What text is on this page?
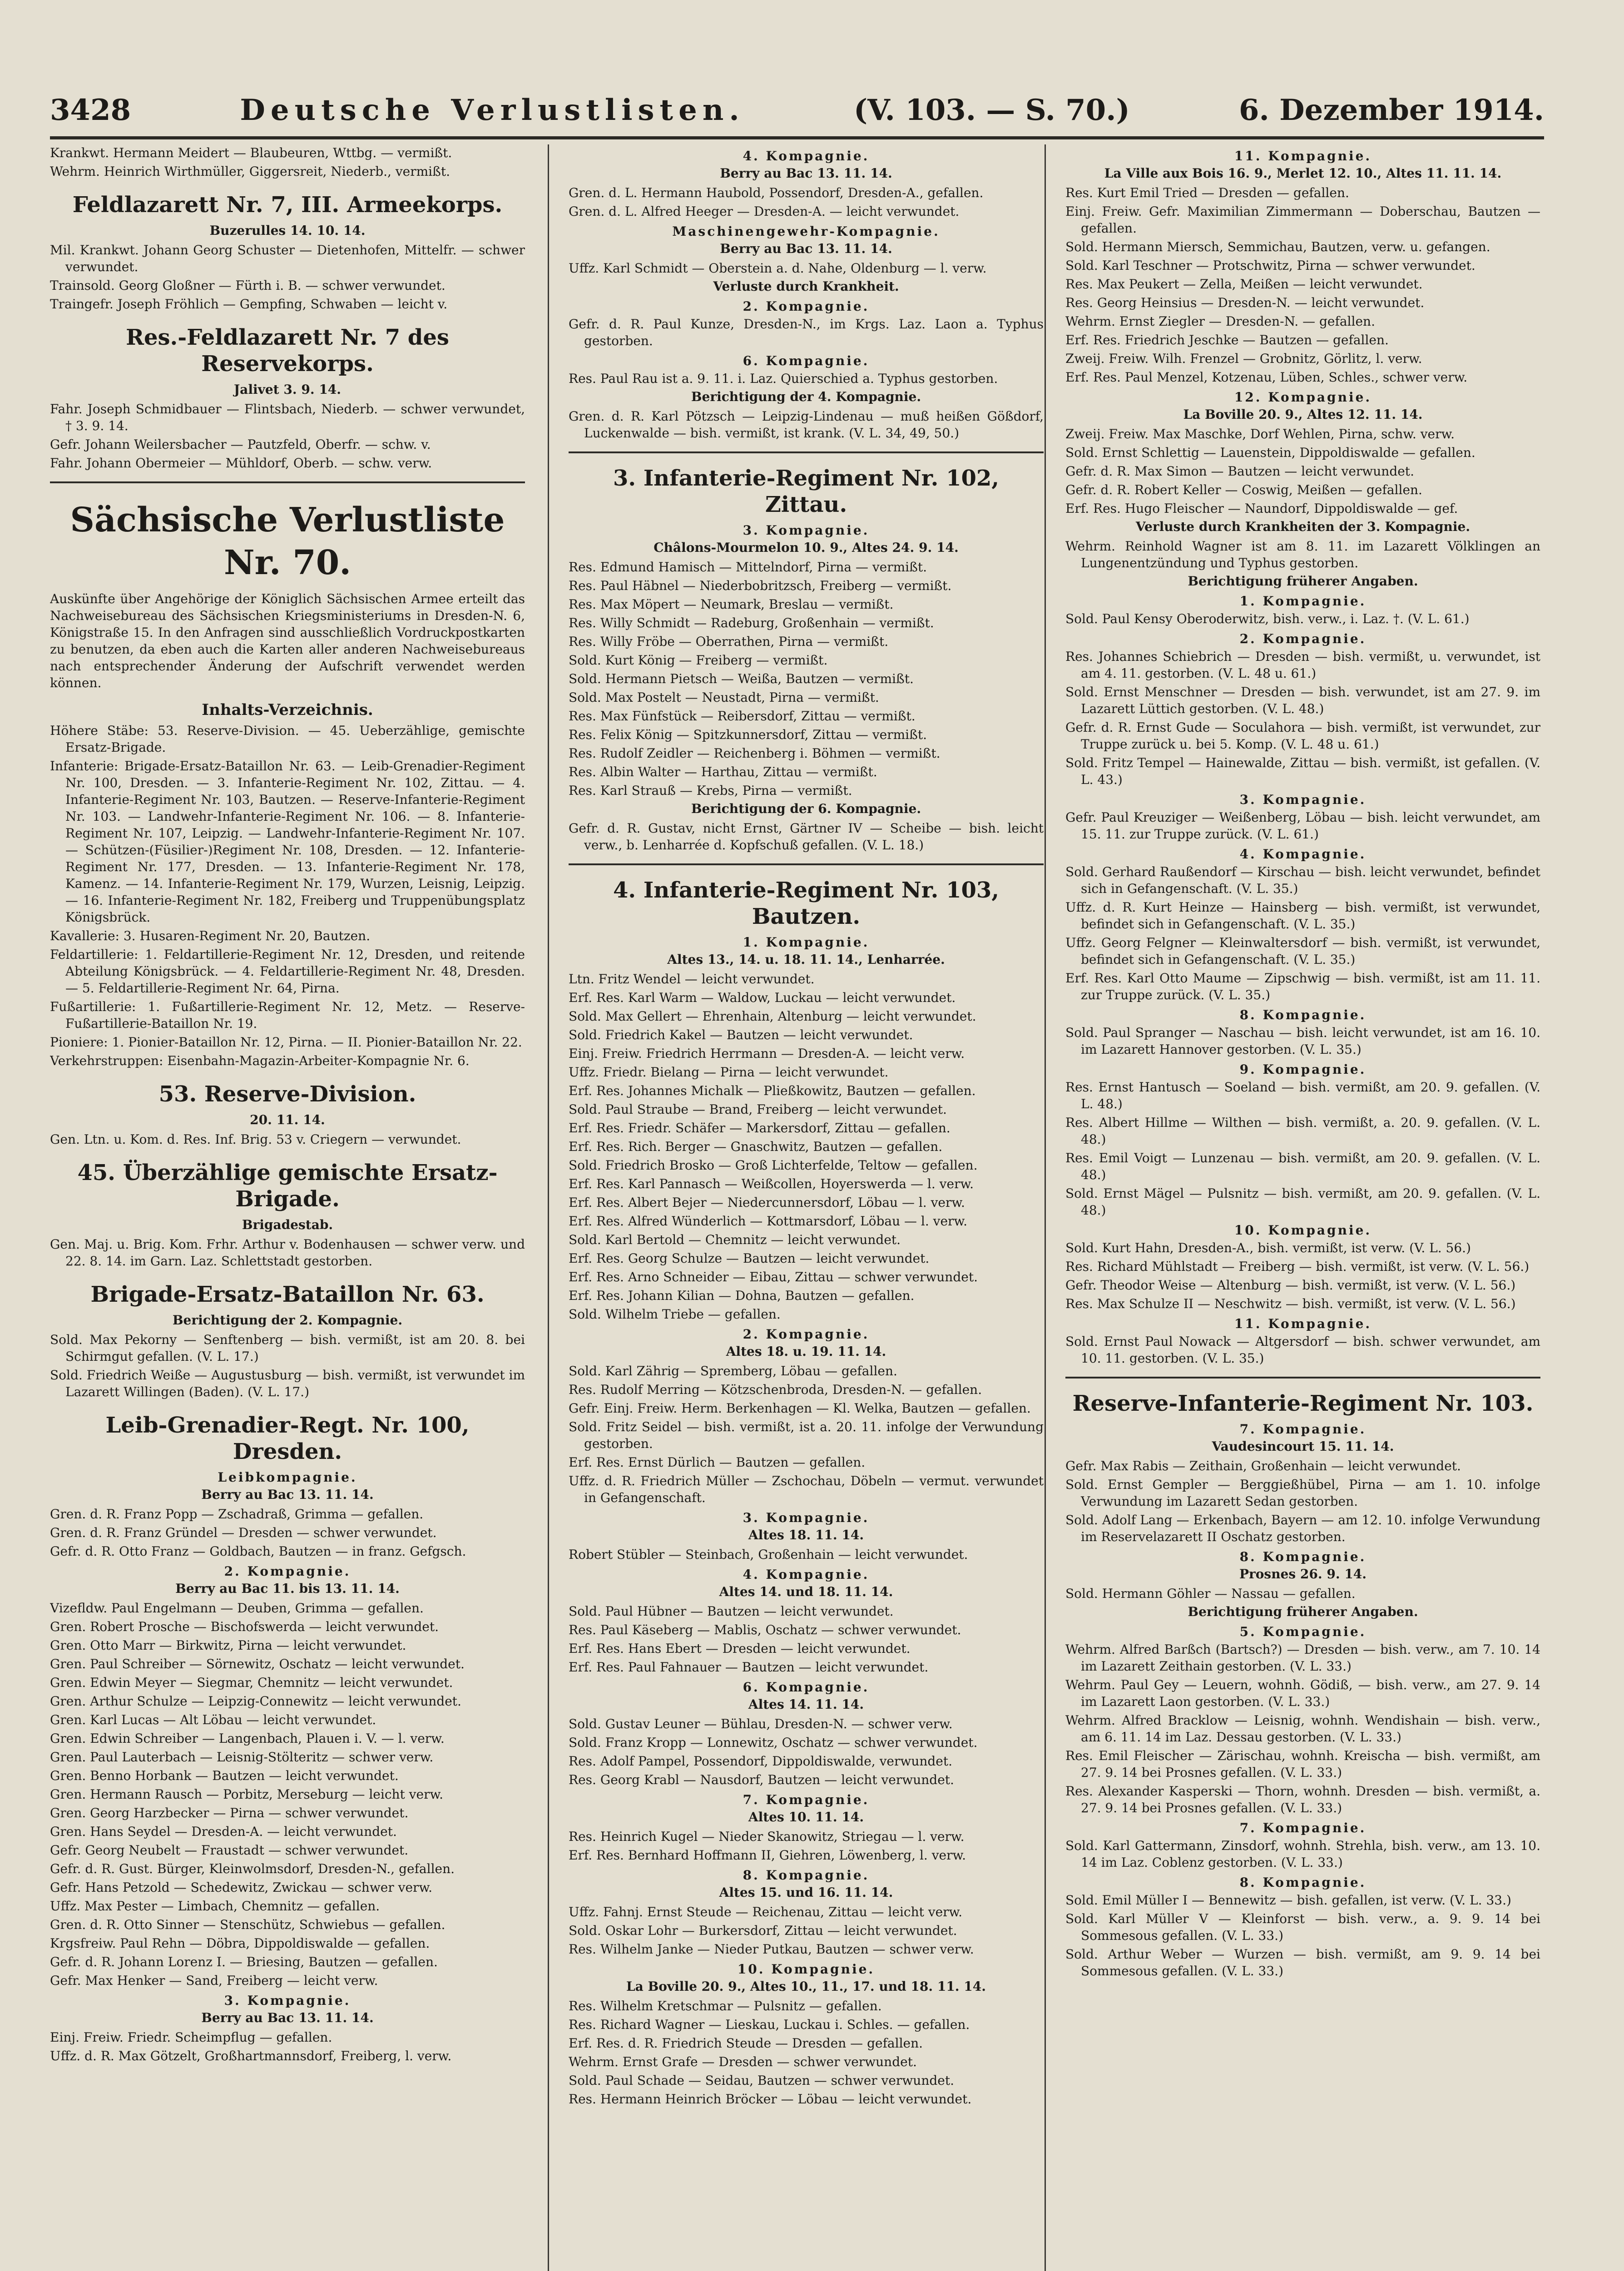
3428	Deutsche Verlustlisten.	(V. 103. — S. 70.)	6. Dezember 1914.

Krankwt. Hermann Meidert — Blaubeuren, Wttbg. — vermißt.

Wehrm. Heinrich Wirthmüller, Giggersreit, Niederb., vermißt.

Feldlazarett Nr. 7, III. Armeekorps.
Buzerulles 14. 10. 14.

Mil. Krankwt. Johann Georg Schuster — Dietenhofen, Mittelfr. — schwer verwundet.

Trainsold. Georg Gloßner — Fürth i. B. — schwer verwundet.

Traingefr. Joseph Fröhlich — Gempfing, Schwaben — leicht v.

Res.-Feldlazarett Nr. 7 des Reservekorps.
Jalivet 3. 9. 14.

Fahr. Joseph Schmidbauer — Flintsbach, Niederb. — schwer verwundet, † 3. 9. 14.

Gefr. Johann Weilersbacher — Pautzfeld, Oberfr. — schw. v.

Fahr. Johann Obermeier — Mühldorf, Oberb. — schw. verw.

Sächsische Verlustliste Nr. 70.

Auskünfte über Angehörige der Königlich Sächsischen Armee erteilt das Nachweisebureau des Sächsischen Kriegsministeriums in Dresden-N. 6, Königstraße 15. In den Anfragen sind ausschließlich Vordruckpostkarten zu benutzen, da eben auch die Karten aller anderen Nachweisebureaus nach entsprechender Änderung der Aufschrift verwendet werden können.

Inhalts-Verzeichnis.

Höhere Stäbe: 53. Reserve-Division. — 45. Ueberzählige, gemischte Ersatz-Brigade.

Infanterie: Brigade-Ersatz-Bataillon Nr. 63. — Leib-Grenadier-Regiment Nr. 100, Dresden. — 3. Infanterie-Regiment Nr. 102, Zittau. — 4. Infanterie-Regiment Nr. 103, Bautzen. — Reserve-Infanterie-Regiment Nr. 103. — Landwehr-Infanterie-Regiment Nr. 106. — 8. Infanterie-Regiment Nr. 107, Leipzig. — Landwehr-Infanterie-Regiment Nr. 107. — Schützen-(Füsilier-)Regiment Nr. 108, Dresden. — 12. Infanterie-Regiment Nr. 177, Dresden. — 13. Infanterie-Regiment Nr. 178, Kamenz. — 14. Infanterie-Regiment Nr. 179, Wurzen, Leisnig, Leipzig. — 16. Infanterie-Regiment Nr. 182, Freiberg und Truppenübungsplatz Königsbrück.

Kavallerie: 3. Husaren-Regiment Nr. 20, Bautzen.

Feldartillerie: 1. Feldartillerie-Regiment Nr. 12, Dresden, und reitende Abteilung Königsbrück. — 4. Feldartillerie-Regiment Nr. 48, Dresden. — 5. Feldartillerie-Regiment Nr. 64, Pirna.

Fußartillerie: 1. Fußartillerie-Regiment Nr. 12, Metz. — Reserve-Fußartillerie-Bataillon Nr. 19.

Pioniere: 1. Pionier-Bataillon Nr. 12, Pirna. — II. Pionier-Bataillon Nr. 22.

Verkehrstruppen: Eisenbahn-Magazin-Arbeiter-Kompagnie Nr. 6.

53. Reserve-Division.
20. 11. 14.

Gen. Ltn. u. Kom. d. Res. Inf. Brig. 53 v. Criegern — verwundet.

45. Überzählige gemischte Ersatz-Brigade.
Brigadestab.

Gen. Maj. u. Brig. Kom. Frhr. Arthur v. Bodenhausen — schwer verw. und 22. 8. 14. im Garn. Laz. Schlettstadt gestorben.

Brigade-Ersatz-Bataillon Nr. 63.
Berichtigung der 2. Kompagnie.

Sold. Max Pekorny — Senftenberg — bish. vermißt, ist am 20. 8. bei Schirmgut gefallen. (V. L. 17.)

Sold. Friedrich Weiße — Augustusburg — bish. vermißt, ist verwundet im Lazarett Willingen (Baden). (V. L. 17.)

Leib-Grenadier-Regt. Nr. 100, Dresden.
Leibkompagnie.
Berry au Bac 13. 11. 14.

Gren. d. R. Franz Popp — Zschadraß, Grimma — gefallen.

Gren. d. R. Franz Gründel — Dresden — schwer verwundet.

Gefr. d. R. Otto Franz — Goldbach, Bautzen — in franz. Gefgsch.

2. Kompagnie.
Berry au Bac 11. bis 13. 11. 14.

Vizefldw. Paul Engelmann — Deuben, Grimma — gefallen.

Gren. Robert Prosche — Bischofswerda — leicht verwundet.

Gren. Otto Marr — Birkwitz, Pirna — leicht verwundet.

Gren. Paul Schreiber — Sörnewitz, Oschatz — leicht verwundet.

Gren. Edwin Meyer — Siegmar, Chemnitz — leicht verwundet.

Gren. Arthur Schulze — Leipzig-Connewitz — leicht verwundet.

Gren. Karl Lucas — Alt Löbau — leicht verwundet.

Gren. Edwin Schreiber — Langenbach, Plauen i. V. — l. verw.

Gren. Paul Lauterbach — Leisnig-Stölteritz — schwer verw.

Gren. Benno Horbank — Bautzen — leicht verwundet.

Gren. Hermann Rausch — Porbitz, Merseburg — leicht verw.

Gren. Georg Harzbecker — Pirna — schwer verwundet.

Gren. Hans Seydel — Dresden-A. — leicht verwundet.

Gefr. Georg Neubelt — Fraustadt — schwer verwundet.

Gefr. d. R. Gust. Bürger, Kleinwolmsdorf, Dresden-N., gefallen.

Gefr. Hans Petzold — Schedewitz, Zwickau — schwer verw.

Uffz. Max Pester — Limbach, Chemnitz — gefallen.

Gren. d. R. Otto Sinner — Stenschütz, Schwiebus — gefallen.

Krgsfreiw. Paul Rehn — Döbra, Dippoldiswalde — gefallen.

Gefr. d. R. Johann Lorenz I. — Briesing, Bautzen — gefallen.

Gefr. Max Henker — Sand, Freiberg — leicht verw.

3. Kompagnie.
Berry au Bac 13. 11. 14.

Einj. Freiw. Friedr. Scheimpflug — gefallen.

Uffz. d. R. Max Götzelt, Großhartmannsdorf, Freiberg, l. verw.

4. Kompagnie.
Berry au Bac 13. 11. 14.

Gren. d. L. Hermann Haubold, Possendorf, Dresden-A., gefallen.

Gren. d. L. Alfred Heeger — Dresden-A. — leicht verwundet.

Maschinengewehr-Kompagnie.
Berry au Bac 13. 11. 14.

Uffz. Karl Schmidt — Oberstein a. d. Nahe, Oldenburg — l. verw.

Verluste durch Krankheit.
2. Kompagnie.

Gefr. d. R. Paul Kunze, Dresden-N., im Krgs. Laz. Laon a. Typhus gestorben.

6. Kompagnie.

Res. Paul Rau ist a. 9. 11. i. Laz. Quierschied a. Typhus gestorben.

Berichtigung der 4. Kompagnie.

Gren. d. R. Karl Pötzsch — Leipzig-Lindenau — muß heißen Gößdorf, Luckenwalde — bish. vermißt, ist krank. (V. L. 34, 49, 50.)

3. Infanterie-Regiment Nr. 102, Zittau.
3. Kompagnie.
Châlons-Mourmelon 10. 9., Altes 24. 9. 14.

Res. Edmund Hamisch — Mittelndorf, Pirna — vermißt.

Res. Paul Häbnel — Niederbobritzsch, Freiberg — vermißt.

Res. Max Möpert — Neumark, Breslau — vermißt.

Res. Willy Schmidt — Radeburg, Großenhain — vermißt.

Res. Willy Fröbe — Oberrathen, Pirna — vermißt.

Sold. Kurt König — Freiberg — vermißt.

Sold. Hermann Pietsch — Weißa, Bautzen — vermißt.

Sold. Max Postelt — Neustadt, Pirna — vermißt.

Res. Max Fünfstück — Reibersdorf, Zittau — vermißt.

Res. Felix König — Spitzkunnersdorf, Zittau — vermißt.

Res. Rudolf Zeidler — Reichenberg i. Böhmen — vermißt.

Res. Albin Walter — Harthau, Zittau — vermißt.

Res. Karl Strauß — Krebs, Pirna — vermißt.

Berichtigung der 6. Kompagnie.

Gefr. d. R. Gustav, nicht Ernst, Gärtner IV — Scheibe — bish. leicht verw., b. Lenharrée d. Kopfschuß gefallen. (V. L. 18.)

4. Infanterie-Regiment Nr. 103, Bautzen.
1. Kompagnie.
Altes 13., 14. u. 18. 11. 14., Lenharrée.

Ltn. Fritz Wendel — leicht verwundet.

Erf. Res. Karl Warm — Waldow, Luckau — leicht verwundet.

Sold. Max Gellert — Ehrenhain, Altenburg — leicht verwundet.

Sold. Friedrich Kakel — Bautzen — leicht verwundet.

Einj. Freiw. Friedrich Herrmann — Dresden-A. — leicht verw.

Uffz. Friedr. Bielang — Pirna — leicht verwundet.

Erf. Res. Johannes Michalk — Pließkowitz, Bautzen — gefallen.

Sold. Paul Straube — Brand, Freiberg — leicht verwundet.

Erf. Res. Friedr. Schäfer — Markersdorf, Zittau — gefallen.

Erf. Res. Rich. Berger — Gnaschwitz, Bautzen — gefallen.

Sold. Friedrich Brosko — Groß Lichterfelde, Teltow — gefallen.

Erf. Res. Karl Pannasch — Weißcollen, Hoyerswerda — l. verw.

Erf. Res. Albert Bejer — Niedercunnersdorf, Löbau — l. verw.

Erf. Res. Alfred Wünderlich — Kottmarsdorf, Löbau — l. verw.

Sold. Karl Bertold — Chemnitz — leicht verwundet.

Erf. Res. Georg Schulze — Bautzen — leicht verwundet.

Erf. Res. Arno Schneider — Eibau, Zittau — schwer verwundet.

Erf. Res. Johann Kilian — Dohna, Bautzen — gefallen.

Sold. Wilhelm Triebe — gefallen.

2. Kompagnie.
Altes 18. u. 19. 11. 14.

Sold. Karl Zährig — Spremberg, Löbau — gefallen.

Res. Rudolf Merring — Kötzschenbroda, Dresden-N. — gefallen.

Gefr. Einj. Freiw. Herm. Berkenhagen — Kl. Welka, Bautzen — gefallen.

Sold. Fritz Seidel — bish. vermißt, ist a. 20. 11. infolge der Verwundung gestorben.

Erf. Res. Ernst Dürlich — Bautzen — gefallen.

Uffz. d. R. Friedrich Müller — Zschochau, Döbeln — vermut. verwundet in Gefangenschaft.

3. Kompagnie.
Altes 18. 11. 14.

Robert Stübler — Steinbach, Großenhain — leicht verwundet.

4. Kompagnie.
Altes 14. und 18. 11. 14.

Sold. Paul Hübner — Bautzen — leicht verwundet.

Res. Paul Käseberg — Mablis, Oschatz — schwer verwundet.

Erf. Res. Hans Ebert — Dresden — leicht verwundet.

Erf. Res. Paul Fahnauer — Bautzen — leicht verwundet.

6. Kompagnie.
Altes 14. 11. 14.

Sold. Gustav Leuner — Bühlau, Dresden-N. — schwer verw.

Sold. Franz Kropp — Lonnewitz, Oschatz — schwer verwundet.

Res. Adolf Pampel, Possendorf, Dippoldiswalde, verwundet.

Res. Georg Krabl — Nausdorf, Bautzen — leicht verwundet.

7. Kompagnie.
Altes 10. 11. 14.

Res. Heinrich Kugel — Nieder Skanowitz, Striegau — l. verw.

Erf. Res. Bernhard Hoffmann II, Giehren, Löwenberg, l. verw.

8. Kompagnie.
Altes 15. und 16. 11. 14.

Uffz. Fahnj. Ernst Steude — Reichenau, Zittau — leicht verw.

Sold. Oskar Lohr — Burkersdorf, Zittau — leicht verwundet.

Res. Wilhelm Janke — Nieder Putkau, Bautzen — schwer verw.

10. Kompagnie.
La Boville 20. 9., Altes 10., 11., 17. und 18. 11. 14.

Res. Wilhelm Kretschmar — Pulsnitz — gefallen.

Res. Richard Wagner — Lieskau, Luckau i. Schles. — gefallen.

Erf. Res. d. R. Friedrich Steude — Dresden — gefallen.

Wehrm. Ernst Grafe — Dresden — schwer verwundet.

Sold. Paul Schade — Seidau, Bautzen — schwer verwundet.

Res. Hermann Heinrich Bröcker — Löbau — leicht verwundet.

11. Kompagnie.
La Ville aux Bois 16. 9., Merlet 12. 10., Altes 11. 11. 14.

Res. Kurt Emil Tried — Dresden — gefallen.

Einj. Freiw. Gefr. Maximilian Zimmermann — Doberschau, Bautzen — gefallen.

Sold. Hermann Miersch, Semmichau, Bautzen, verw. u. gefangen.

Sold. Karl Teschner — Protschwitz, Pirna — schwer verwundet.

Res. Max Peukert — Zella, Meißen — leicht verwundet.

Res. Georg Heinsius — Dresden-N. — leicht verwundet.

Wehrm. Ernst Ziegler — Dresden-N. — gefallen.

Erf. Res. Friedrich Jeschke — Bautzen — gefallen.

Zweij. Freiw. Wilh. Frenzel — Grobnitz, Görlitz, l. verw.

Erf. Res. Paul Menzel, Kotzenau, Lüben, Schles., schwer verw.

12. Kompagnie.
La Boville 20. 9., Altes 12. 11. 14.

Zweij. Freiw. Max Maschke, Dorf Wehlen, Pirna, schw. verw.

Sold. Ernst Schlettig — Lauenstein, Dippoldiswalde — gefallen.

Gefr. d. R. Max Simon — Bautzen — leicht verwundet.

Gefr. d. R. Robert Keller — Coswig, Meißen — gefallen.

Erf. Res. Hugo Fleischer — Naundorf, Dippoldiswalde — gef.

Verluste durch Krankheiten der 3. Kompagnie.

Wehrm. Reinhold Wagner ist am 8. 11. im Lazarett Völklingen an Lungenentzündung und Typhus gestorben.

Berichtigung früherer Angaben.
1. Kompagnie.

Sold. Paul Kensy Oberoderwitz, bish. verw., i. Laz. †. (V. L. 61.)

2. Kompagnie.

Res. Johannes Schiebrich — Dresden — bish. vermißt, u. verwundet, ist am 4. 11. gestorben. (V. L. 48 u. 61.)

Sold. Ernst Menschner — Dresden — bish. verwundet, ist am 27. 9. im Lazarett Lüttich gestorben. (V. L. 48.)

Gefr. d. R. Ernst Gude — Soculahora — bish. vermißt, ist verwundet, zur Truppe zurück u. bei 5. Komp. (V. L. 48 u. 61.)

Sold. Fritz Tempel — Hainewalde, Zittau — bish. vermißt, ist gefallen. (V. L. 43.)

3. Kompagnie.

Gefr. Paul Kreuziger — Weißenberg, Löbau — bish. leicht verwundet, am 15. 11. zur Truppe zurück. (V. L. 61.)

4. Kompagnie.

Sold. Gerhard Raußendorf — Kirschau — bish. leicht verwundet, befindet sich in Gefangenschaft. (V. L. 35.)

Uffz. d. R. Kurt Heinze — Hainsberg — bish. vermißt, ist verwundet, befindet sich in Gefangenschaft. (V. L. 35.)

Uffz. Georg Felgner — Kleinwaltersdorf — bish. vermißt, ist verwundet, befindet sich in Gefangenschaft. (V. L. 35.)

Erf. Res. Karl Otto Maume — Zipschwig — bish. vermißt, ist am 11. 11. zur Truppe zurück. (V. L. 35.)

8. Kompagnie.

Sold. Paul Spranger — Naschau — bish. leicht verwundet, ist am 16. 10. im Lazarett Hannover gestorben. (V. L. 35.)

9. Kompagnie.

Res. Ernst Hantusch — Soeland — bish. vermißt, am 20. 9. gefallen. (V. L. 48.)

Res. Albert Hillme — Wilthen — bish. vermißt, a. 20. 9. gefallen. (V. L. 48.)

Res. Emil Voigt — Lunzenau — bish. vermißt, am 20. 9. gefallen. (V. L. 48.)

Sold. Ernst Mägel — Pulsnitz — bish. vermißt, am 20. 9. gefallen. (V. L. 48.)

10. Kompagnie.

Sold. Kurt Hahn, Dresden-A., bish. vermißt, ist verw. (V. L. 56.)

Res. Richard Mühlstadt — Freiberg — bish. vermißt, ist verw. (V. L. 56.)

Gefr. Theodor Weise — Altenburg — bish. vermißt, ist verw. (V. L. 56.)

Res. Max Schulze II — Neschwitz — bish. vermißt, ist verw. (V. L. 56.)

11. Kompagnie.

Sold. Ernst Paul Nowack — Altgersdorf — bish. schwer verwundet, am 10. 11. gestorben. (V. L. 35.)

Reserve-Infanterie-Regiment Nr. 103.
7. Kompagnie.
Vaudesincourt 15. 11. 14.

Gefr. Max Rabis — Zeithain, Großenhain — leicht verwundet.

Sold. Ernst Gempler — Berggießhübel, Pirna — am 1. 10. infolge Verwundung im Lazarett Sedan gestorben.

Sold. Adolf Lang — Erkenbach, Bayern — am 12. 10. infolge Verwundung im Reservelazarett II Oschatz gestorben.

8. Kompagnie.
Prosnes 26. 9. 14.

Sold. Hermann Göhler — Nassau — gefallen.

Berichtigung früherer Angaben.
5. Kompagnie.

Wehrm. Alfred Barßch (Bartsch?) — Dresden — bish. verw., am 7. 10. 14 im Lazarett Zeithain gestorben. (V. L. 33.)

Wehrm. Paul Gey — Leuern, wohnh. Gödiß, — bish. verw., am 27. 9. 14 im Lazarett Laon gestorben. (V. L. 33.)

Wehrm. Alfred Bracklow — Leisnig, wohnh. Wendishain — bish. verw., am 6. 11. 14 im Laz. Dessau gestorben. (V. L. 33.)

Res. Emil Fleischer — Zärischau, wohnh. Kreischa — bish. vermißt, am 27. 9. 14 bei Prosnes gefallen. (V. L. 33.)

Res. Alexander Kasperski — Thorn, wohnh. Dresden — bish. vermißt, a. 27. 9. 14 bei Prosnes gefallen. (V. L. 33.)

7. Kompagnie.

Sold. Karl Gattermann, Zinsdorf, wohnh. Strehla, bish. verw., am 13. 10. 14 im Laz. Coblenz gestorben. (V. L. 33.)

8. Kompagnie.

Sold. Emil Müller I — Bennewitz — bish. gefallen, ist verw. (V. L. 33.)

Sold. Karl Müller V — Kleinforst — bish. verw., a. 9. 9. 14 bei Sommesous gefallen. (V. L. 33.)

Sold. Arthur Weber — Wurzen — bish. vermißt, am 9. 9. 14 bei Sommesous gefallen. (V. L. 33.)
